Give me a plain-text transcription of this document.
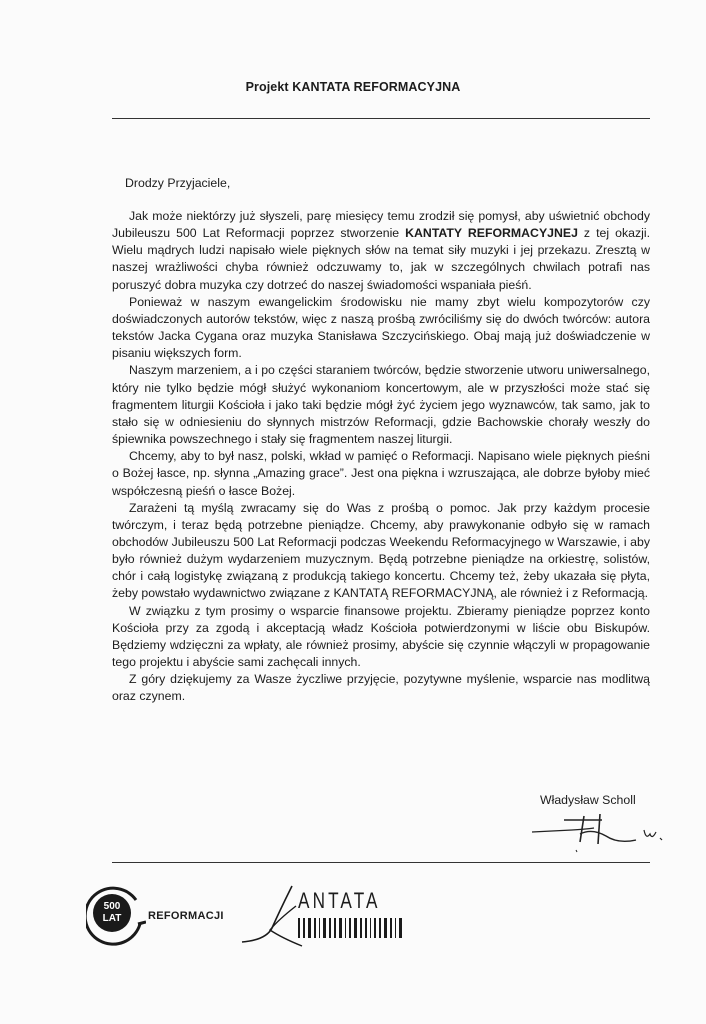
Projekt KANTATA REFORMACYJNA
Drodzy Przyjaciele,

Jak może niektórzy już słyszeli, parę miesięcy temu zrodził się pomysł, aby uświetnić obchody Jubileuszu 500 Lat Reformacji poprzez stworzenie KANTATY REFORMACYJNEJ z tej okazji. Wielu mądrych ludzi napisało wiele pięknych słów na temat siły muzyki i jej przekazu. Zresztą w naszej wrażliwości chyba również odczuwamy to, jak w szczególnych chwilach potrafi nas poruszyć dobra muzyka czy dotrzeć do naszej świadomości wspaniała pieśń.

Ponieważ w naszym ewangelickim środowisku nie mamy zbyt wielu kompozytorów czy doświadczonych autorów tekstów, więc z naszą prośbą zwróciliśmy się do dwóch twórców: autora tekstów Jacka Cygana oraz muzyka Stanisława Szczycińskiego. Obaj mają już doświadczenie w pisaniu większych form.

Naszym marzeniem, a i po części staraniem twórców, będzie stworzenie utworu uniwersalnego, który nie tylko będzie mógł służyć wykonaniom koncertowym, ale w przyszłości może stać się fragmentem liturgii Kościoła i jako taki będzie mógł żyć życiem jego wyznawców, tak samo, jak to stało się w odniesieniu do słynnych mistrzów Reformacji, gdzie Bachowskie chorały weszły do śpiewnika powszechnego i stały się fragmentem naszej liturgii.

Chcemy, aby to był nasz, polski, wkład w pamięć o Reformacji. Napisano wiele pięknych pieśni o Bożej łasce, np. słynna „Amazing grace”. Jest ona piękna i wzruszająca, ale dobrze byłoby mieć współczesną pieśń o łasce Bożej.

Zarażeni tą myślą zwracamy się do Was z prośbą o pomoc. Jak przy każdym procesie twórczym, i teraz będą potrzebne pieniądze. Chcemy, aby prawykonanie odbyło się w ramach obchodów Jubileuszu 500 Lat Reformacji podczas Weekendu Reformacyjnego w Warszawie, i aby było również dużym wydarzeniem muzycznym. Będą potrzebne pieniądze na orkiestrę, solistów, chór i całą logistykę związaną z produkcją takiego koncertu. Chcemy też, żeby ukazała się płyta, żeby powstało wydawnictwo związane z KANTATĄ REFORMACYJNĄ, ale również i z Reformacją.

W związku z tym prosimy o wsparcie finansowe projektu. Zbieramy pieniądze poprzez konto Kościoła przy za zgodą i akceptacją władz Kościoła potwierdzonymi w liście obu Biskupów. Będziemy wdzięczni za wpłaty, ale również prosimy, abyście się czynnie włączyli w propagowanie tego projektu i abyście sami zachęcali innych.

Z góry dziękujemy za Wasze życzliwe przyjęcie, pozytywne myślenie, wsparcie nas modlitwą oraz czynem.

Władysław Scholl
500
LAT	REFORMACJI
ANTATA
